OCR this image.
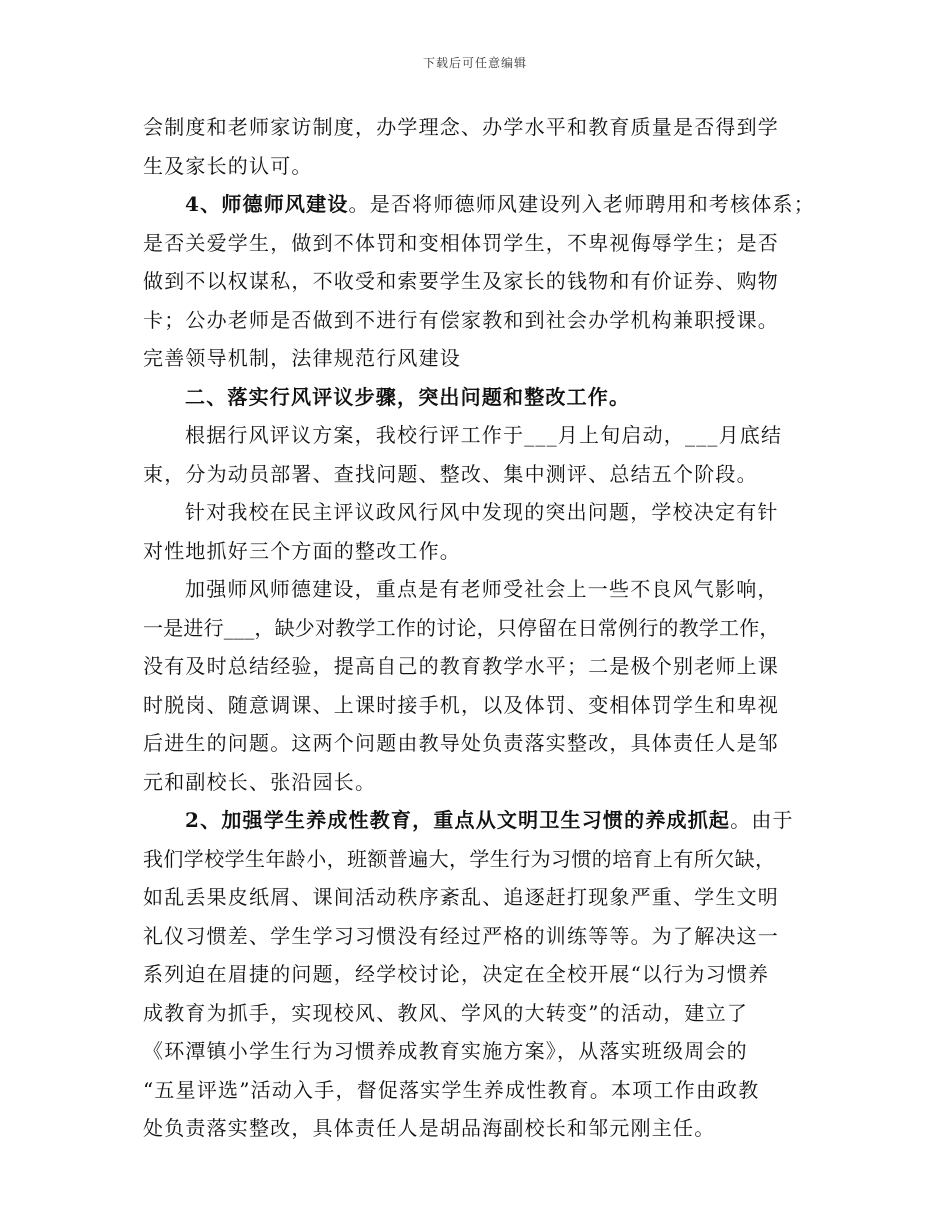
下载后可任意编辑
会制度和老师家访制度，办学理念、办学水平和教育质量是否得到学
生及家长的认可。
4、师德师风建设。是否将师德师风建设列入老师聘用和考核体系；
是否关爱学生，做到不体罚和变相体罚学生，不卑视侮辱学生；是否
做到不以权谋私，不收受和索要学生及家长的钱物和有价证券、购物
卡；公办老师是否做到不进行有偿家教和到社会办学机构兼职授课。
完善领导机制，法律规范行风建设
二、落实行风评议步骤，突出问题和整改工作。
根据行风评议方案，我校行评工作于___月上旬启动，___月底结
束，分为动员部署、查找问题、整改、集中测评、总结五个阶段。
针对我校在民主评议政风行风中发现的突出问题，学校决定有针
对性地抓好三个方面的整改工作。
加强师风师德建设，重点是有老师受社会上一些不良风气影响，
一是进行___，缺少对教学工作的讨论，只停留在日常例行的教学工作，
没有及时总结经验，提高自己的教育教学水平；二是极个别老师上课
时脱岗、随意调课、上课时接手机，以及体罚、变相体罚学生和卑视
后进生的问题。这两个问题由教导处负责落实整改，具体责任人是邹
元和副校长、张沿园长。
2、加强学生养成性教育，重点从文明卫生习惯的养成抓起。由于
我们学校学生年龄小，班额普遍大，学生行为习惯的培育上有所欠缺，
如乱丢果皮纸屑、课间活动秩序紊乱、追逐赶打现象严重、学生文明
礼仪习惯差、学生学习习惯没有经过严格的训练等等。为了解决这一
系列迫在眉捷的问题，经学校讨论，决定在全校开展“以行为习惯养
成教育为抓手，实现校风、教风、学风的大转变”的活动，建立了
《环潭镇小学生行为习惯养成教育实施方案》，从落实班级周会的
“五星评选”活动入手，督促落实学生养成性教育。本项工作由政教
处负责落实整改，具体责任人是胡品海副校长和邹元刚主任。
